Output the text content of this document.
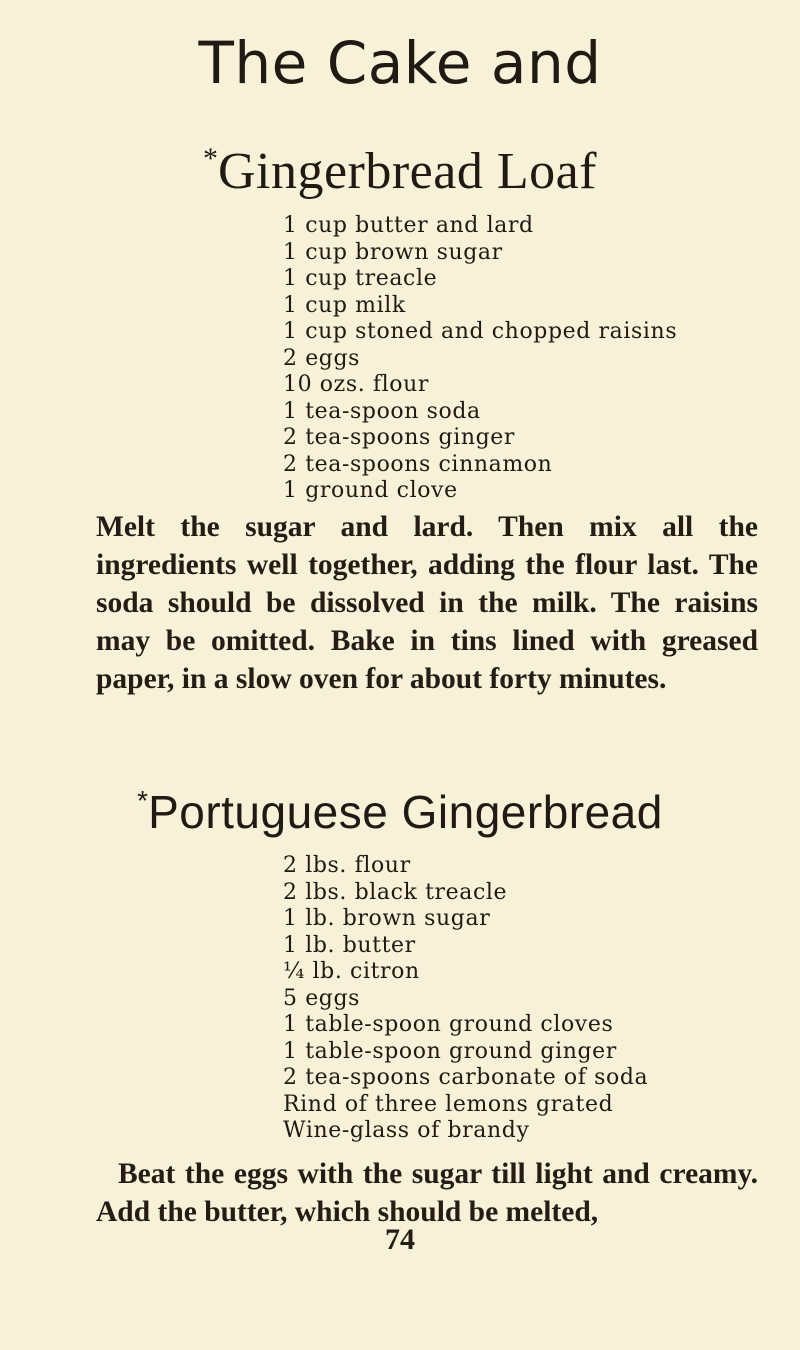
The Cake and
*Gingerbread Loaf
1 cup butter and lard
1 cup brown sugar
1 cup treacle
1 cup milk
1 cup stoned and chopped raisins
2 eggs
10 ozs. flour
1 tea-spoon soda
2 tea-spoons ginger
2 tea-spoons cinnamon
1 ground clove

Melt the sugar and lard. Then mix all the ingredients well together, adding the flour last. The soda should be dissolved in the milk. The raisins may be omitted. Bake in tins lined with greased paper, in a slow oven for about forty minutes.

*Portuguese Gingerbread
2 lbs. flour
2 lbs. black treacle
1 lb. brown sugar
1 lb. butter
¼ lb. citron
5 eggs
1 table-spoon ground cloves
1 table-spoon ground ginger
2 tea-spoons carbonate of soda
Rind of three lemons grated
Wine-glass of brandy

Beat the eggs with the sugar till light and creamy. Add the butter, which should be melted,

74
